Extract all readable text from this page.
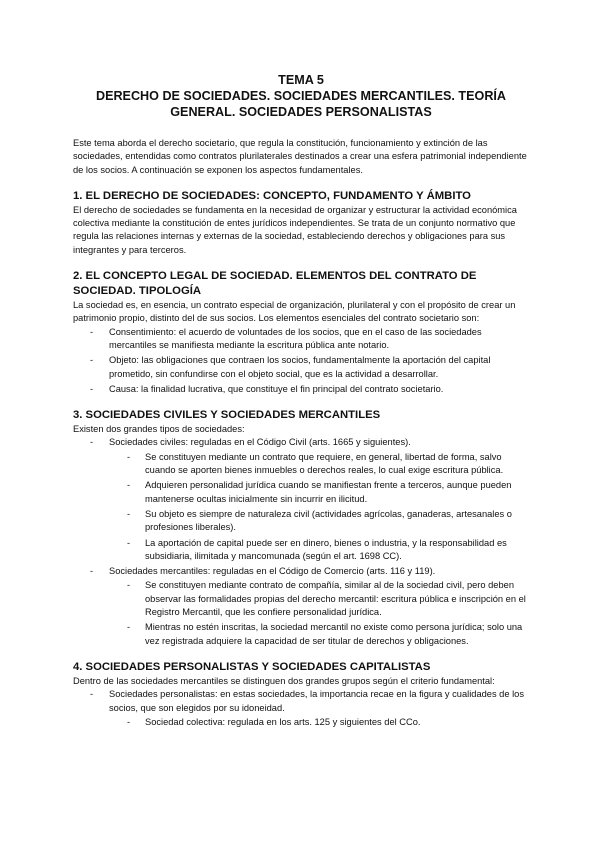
TEMA 5
DERECHO DE SOCIEDADES. SOCIEDADES MERCANTILES. TEORÍA
GENERAL. SOCIEDADES PERSONALISTAS

Este tema aborda el derecho societario, que regula la constitución, funcionamiento y extinción de las sociedades, entendidas como contratos plurilaterales destinados a crear una esfera patrimonial independiente de los socios. A continuación se exponen los aspectos fundamentales.

1. EL DERECHO DE SOCIEDADES: CONCEPTO, FUNDAMENTO Y ÁMBITO

El derecho de sociedades se fundamenta en la necesidad de organizar y estructurar la actividad económica colectiva mediante la constitución de entes jurídicos independientes. Se trata de un conjunto normativo que regula las relaciones internas y externas de la sociedad, estableciendo derechos y obligaciones para sus integrantes y para terceros.

2. EL CONCEPTO LEGAL DE SOCIEDAD. ELEMENTOS DEL CONTRATO DE SOCIEDAD. TIPOLOGÍA

La sociedad es, en esencia, un contrato especial de organización, plurilateral y con el propósito de crear un patrimonio propio, distinto del de sus socios. Los elementos esenciales del contrato societario son:

- Consentimiento: el acuerdo de voluntades de los socios, que en el caso de las sociedades mercantiles se manifiesta mediante la escritura pública ante notario.
- Objeto: las obligaciones que contraen los socios, fundamentalmente la aportación del capital prometido, sin confundirse con el objeto social, que es la actividad a desarrollar.
- Causa: la finalidad lucrativa, que constituye el fin principal del contrato societario.
3. SOCIEDADES CIVILES Y SOCIEDADES MERCANTILES

Existen dos grandes tipos de sociedades:

- Sociedades civiles: reguladas en el Código Civil (arts. 1665 y siguientes).
- Se constituyen mediante un contrato que requiere, en general, libertad de forma, salvo cuando se aporten bienes inmuebles o derechos reales, lo cual exige escritura pública.
- Adquieren personalidad jurídica cuando se manifiestan frente a terceros, aunque pueden mantenerse ocultas inicialmente sin incurrir en ilicitud.
- Su objeto es siempre de naturaleza civil (actividades agrícolas, ganaderas, artesanales o profesiones liberales).
- La aportación de capital puede ser en dinero, bienes o industria, y la responsabilidad es subsidiaria, ilimitada y mancomunada (según el art. 1698 CC).
- Sociedades mercantiles: reguladas en el Código de Comercio (arts. 116 y 119).
- Se constituyen mediante contrato de compañía, similar al de la sociedad civil, pero deben observar las formalidades propias del derecho mercantil: escritura pública e inscripción en el Registro Mercantil, que les confiere personalidad jurídica.
- Mientras no estén inscritas, la sociedad mercantil no existe como persona jurídica; solo una vez registrada adquiere la capacidad de ser titular de derechos y obligaciones.
4. SOCIEDADES PERSONALISTAS Y SOCIEDADES CAPITALISTAS

Dentro de las sociedades mercantiles se distinguen dos grandes grupos según el criterio fundamental:

- Sociedades personalistas: en estas sociedades, la importancia recae en la figura y cualidades de los socios, que son elegidos por su idoneidad.
- Sociedad colectiva: regulada en los arts. 125 y siguientes del CCo.
